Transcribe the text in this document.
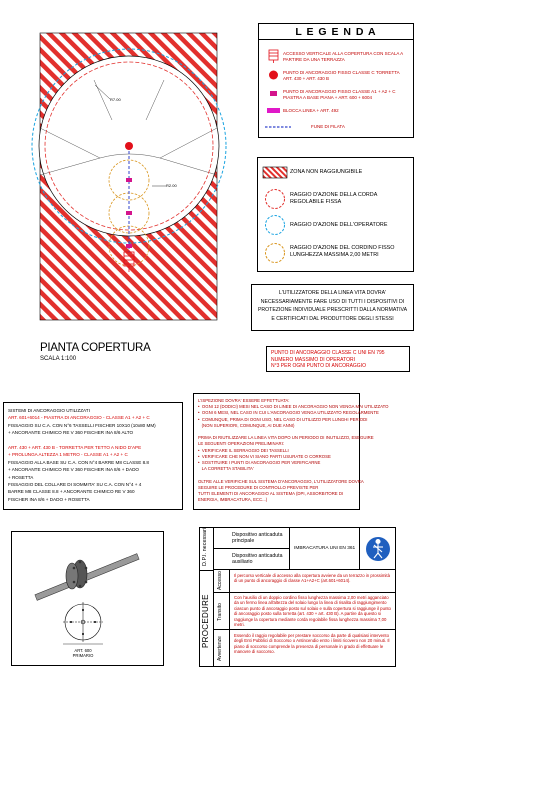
R7.00
R2.00
PIANTA COPERTURA
SCALA 1:100
L E G E N D A
ACCESSO VERTICALE ALLA COPERTURA CON SCALA A PARTIRE DA UNA TERRAZZA
PUNTO DI ANCORAGGIO FISSO CLASSE C TORRETTA ART. 430 + ART. 430 B
PUNTO DI ANCORAGGIO FISSO CLASSE A1 + A2 + C PIASTRA A BASE PIANA + ART. 600 + 6004
BLOCCA LINEA + ART. 492
FUNE DI FILATA
ZONA NON RAGGIUNGIBILE
RAGGIO D'AZIONE DELLA CORDA REGOLABILE FISSA
RAGGIO D'AZIONE DELL'OPERATORE
RAGGIO D'AZIONE DEL CORDINO FISSO LUNGHEZZA MASSIMA 2,00 METRI
L'UTILIZZATORE DELLA LINEA VITA DOVRA'
NECESSARIAMENTE FARE USO DI TUTTI I DISPOSITIVI DI
PROTEZIONE INDIVIDUALE PRESCRITTI DALLA NORMATIVA
E CERTIFICATI DAL PRODUTTORE DEGLI STESSI
PUNTO DI ANCORAGGIO CLASSE C UNI EN 795
NUMERO MASSIMO DI OPERATORI
N°3 PER OGNI PUNTO DI ANCORAGGIO
SISTEMI DI ANCORAGGIO UTILIZZATI
ART. 601+6014 - PIASTRA DI ANCORAGGIO - CLASSE A1 + A2 + C
FISSAGGIO SU C.A. CON N°6 TASSELLI FISCHER 10X10 (10x80 MM)
+ ANCORANTE CHIMICO RE V 360 FISCHER INA 8/6 ALTO
ART. 430 + ART. 430 B - TORRETTA PER TETTO A NIDO D'APE
+ PROLUNGA ALTEZZA 1 METRO - CLASSE A1 + A2 + C
FISSAGGIO ALLA BASE SU C.A. CON N°4 BARRE M8 CLASSE 8.8
+ ANCORANTE CHIMICO RE V 360 FISCHER INA 8/6 + DADO
+ ROSETTA
FISSAGGIO DEL COLLARE DI SOMMITA' SU C.A. CON N°4 + 4
BARRE M8 CLASSE 8.8 + ANCORANTE CHIMICO RE V 360
FISCHER INA 8/6 + DADO + ROSETTA
L'ISPEZIONE DOVRA' ESSERE EFFETTUATA:
•  OGNI 12 (DODICI) MESI NEL CASO DI LINEE DI ANCORAGGIO NON VENGA MAI UTILIZZATO
•  OGNI 6 MESI, NEL CASO IN CUI L'ANCORAGGIO VENGA UTILIZZATO REGOLARMENTE
•  COMUNQUE, PRIMA DI OGNI USO, NEL CASO DI UTILIZZO PER LUNGHI PERIODI
(NON SUPERIORI, COMUNQUE, AI DUE ANNI)
PRIMA DI RIUTILIZZARE LA LINEA VITA DOPO UN PERIODO DI INUTILIZZO, ESEGUIRE
LE SEGUENTI OPERAZIONI PRELIMINARI:
•  VERIFICARE IL SERRAGGIO DEI TASSELLI
•  VERIFICARE CHE NON VI SIANO PARTI USURATE O CORROSE
•  SOSTITUIRE I PUNTI DI ANCORAGGIO PER VERIFICARNE
LA CORRETTA STABILITA'
OLTRE ALLE VERIFICHE SUL SISTEMA D'ANCORAGGIO, L'UTILIZZATORE DOVRA
SEGUIRE LE PROCEDURE DI CONTROLLO PREVISTE PER
TUTTI ELEMENTI DI ANCORAGGIO AL SISTEMA (DPI, ASSORBITORE DI
ENERGIA, IMBRACATURA, ECC...)
ART. 600
PRIMARIO
D.P.I. necessari
PROCEDURE
Dispositivo anticaduta principale
Dispositivo anticaduta ausiliario
IMBRACATURA UNI EN 361
Accesso	Il percorso verticale di accesso alla copertura avviene da un terrazzo in prossimità di un punto di ancoraggio di classe A1+A2+C (art.601+6014).
Transito
Con l'ausilio di un doppio cordino fisso lunghezza massima 2,00 metri agganciato da un fermo linea all'altezza del solaio lungo la linea di risalita di raggiungimento ciascun punto di ancoraggio posto sul solaio e sulla copertura si raggiunge il punto di ancoraggio posto sulla torretta (art. 430 + art. 430 B). A partire da questo si raggiunge la copertura mediante corda regolabile fissa lunghezza massima 7,00 metri.
Avvertenze
Essendo il raggio regolabile per prestare soccorso da parte di qualsiasi intervento degli Enti Pubblici di Soccorso o Antincendio entro i limiti ricovero non 20 minuti. Il piano di soccorso comprende la presenza di personale in grado di effettuare le manovre di soccorso.
